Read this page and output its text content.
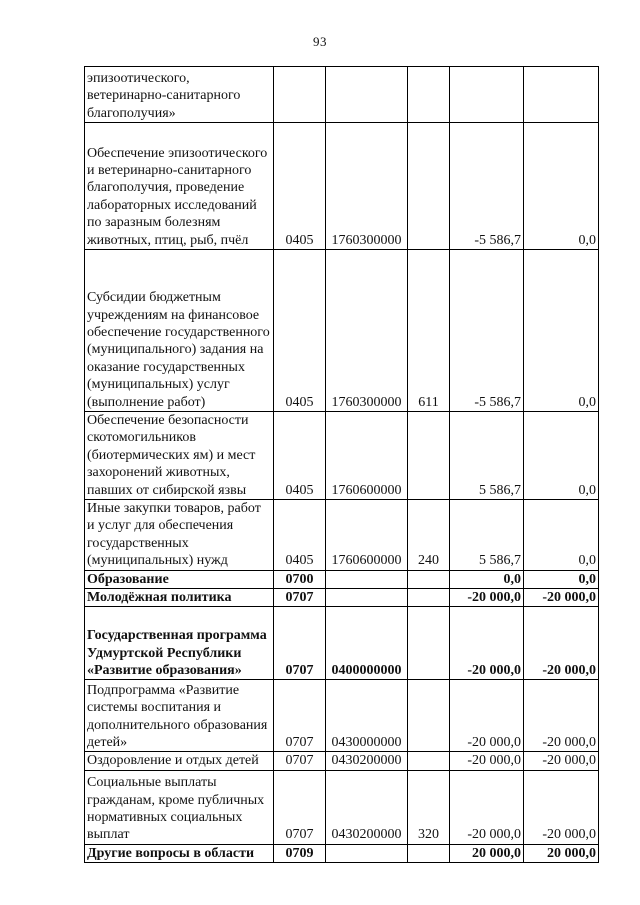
93
эпизоотического, ветеринарно-санитарного благополучия»					
Обеспечение эпизоотического и ветеринарно-санитарного благополучия, проведение лабораторных исследований по заразным болезням животных, птиц, рыб, пчёл	0405	1760300000		-5 586,7	0,0
Субсидии бюджетным учреждениям на финансовое обеспечение государственного (муниципального) задания на оказание государственных (муниципальных) услуг (выполнение работ)	0405	1760300000	611	-5 586,7	0,0
Обеспечение безопасности скотомогильников (биотермических ям) и мест захоронений животных, павших от сибирской язвы	0405	1760600000		5 586,7	0,0
Иные закупки товаров, работ и услуг для обеспечения государственных (муниципальных) нужд	0405	1760600000	240	5 586,7	0,0
Образование	0700			0,0	0,0
Молодёжная политика	0707			-20 000,0	-20 000,0
Государственная программа Удмуртской Республики «Развитие образования»	0707	0400000000		-20 000,0	-20 000,0
Подпрограмма «Развитие системы воспитания и дополнительного образования детей»	0707	0430000000		-20 000,0	-20 000,0
Оздоровление и отдых детей	0707	0430200000		-20 000,0	-20 000,0
Социальные выплаты гражданам, кроме публичных нормативных социальных выплат	0707	0430200000	320	-20 000,0	-20 000,0
Другие вопросы в области	0709			20 000,0	20 000,0
